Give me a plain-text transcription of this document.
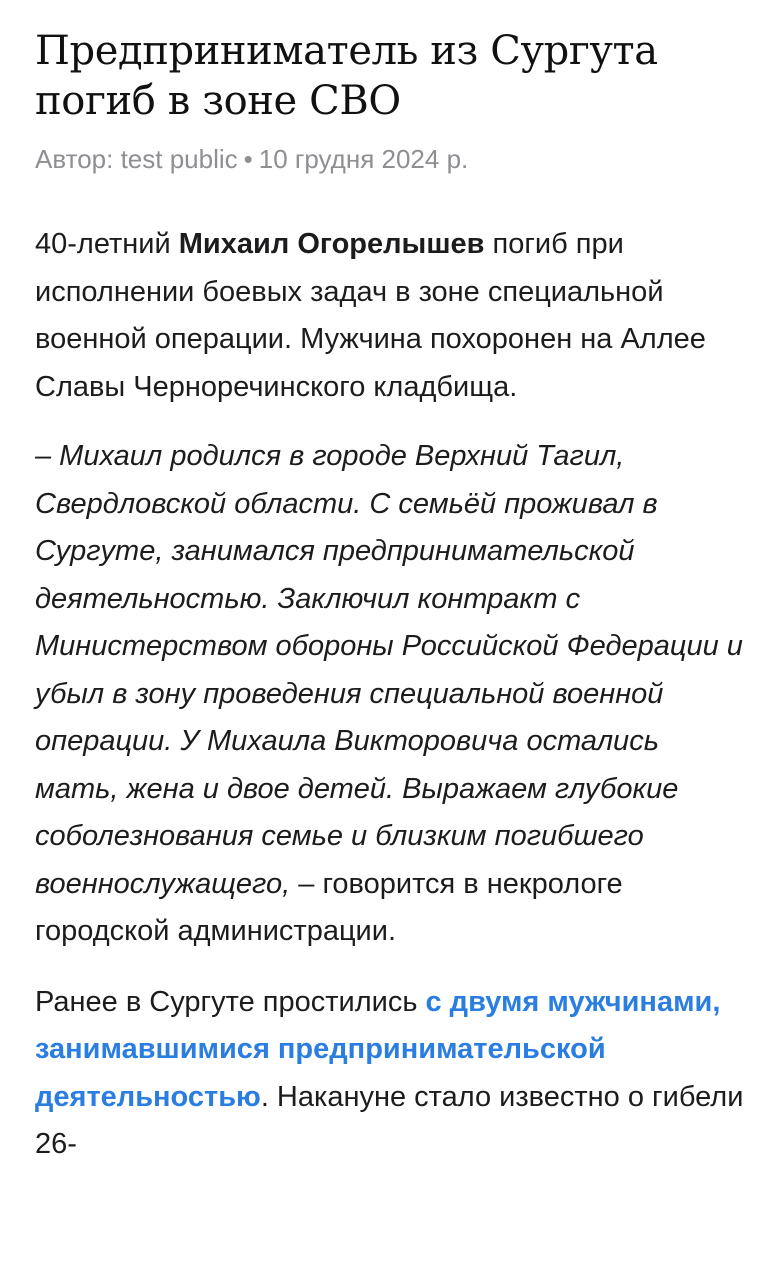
Предприниматель из Сургута погиб в зоне СВО
Автор: test public • 10 грудня 2024 р.

40-летний Михаил Огорелышев погиб при исполнении боевых задач в зоне специальной военной операции. Мужчина похоронен на Аллее Славы Черноречинского кладбища.

– Михаил родился в городе Верхний Тагил, Свердловской области. С семьёй проживал в Сургуте, занимался предпринимательской деятельностью. Заключил контракт с Министерством обороны Российской Федерации и убыл в зону проведения специальной военной операции. У Михаила Викторовича остались мать, жена и двое детей. Выражаем глубокие соболезнования семье и близким погибшего военнослужащего, – говорится в некрологе городской администрации.

Ранее в Сургуте простились с двумя мужчинами, занимавшимися предпринимательской деятельностью. Накануне стало известно о гибели 26-
